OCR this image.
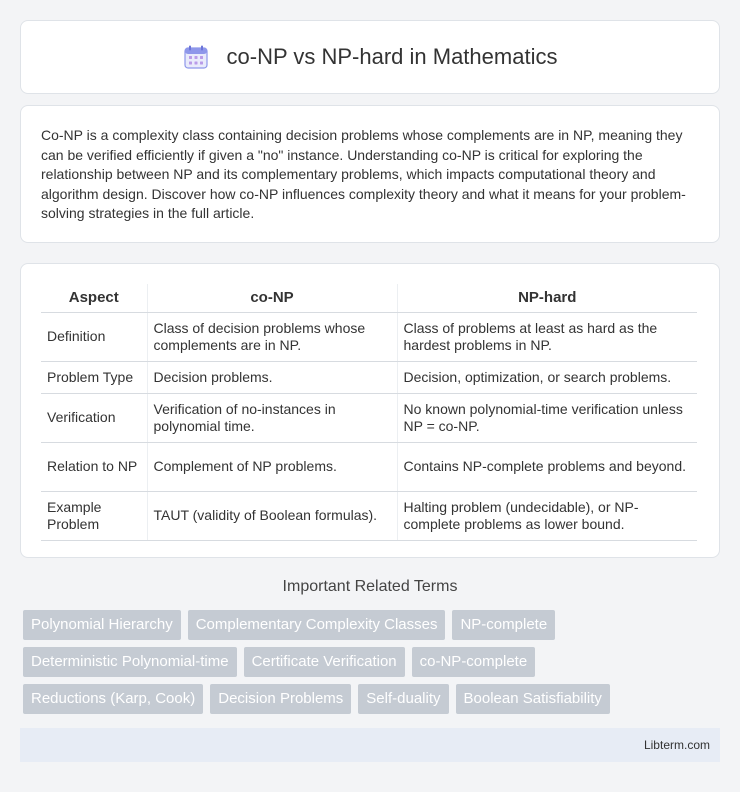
co-NP vs NP-hard in Mathematics

Co-NP is a complexity class containing decision problems whose complements are in NP, meaning they can be verified efficiently if given a "no" instance. Understanding co-NP is critical for exploring the relationship between NP and its complementary problems, which impacts computational theory and algorithm design. Discover how co-NP influences complexity theory and what it means for your problem-solving strategies in the full article.

Aspect	co-NP	NP-hard
Definition	Class of decision problems whose complements are in NP.	Class of problems at least as hard as the hardest problems in NP.
Problem Type	Decision problems.	Decision, optimization, or search problems.
Verification	Verification of no-instances in polynomial time.	No known polynomial-time verification unless NP = co-NP.
Relation to NP	Complement of NP problems.	Contains NP-complete problems and beyond.
Example Problem	TAUT (validity of Boolean formulas).	Halting problem (undecidable), or NP-complete problems as lower bound.
Important Related Terms
Polynomial Hierarchy	Complementary Complexity Classes	NP-complete
Deterministic Polynomial-time	Certificate Verification	co-NP-complete
Reductions (Karp, Cook)	Decision Problems	Self-duality	Boolean Satisfiability
Libterm.com
